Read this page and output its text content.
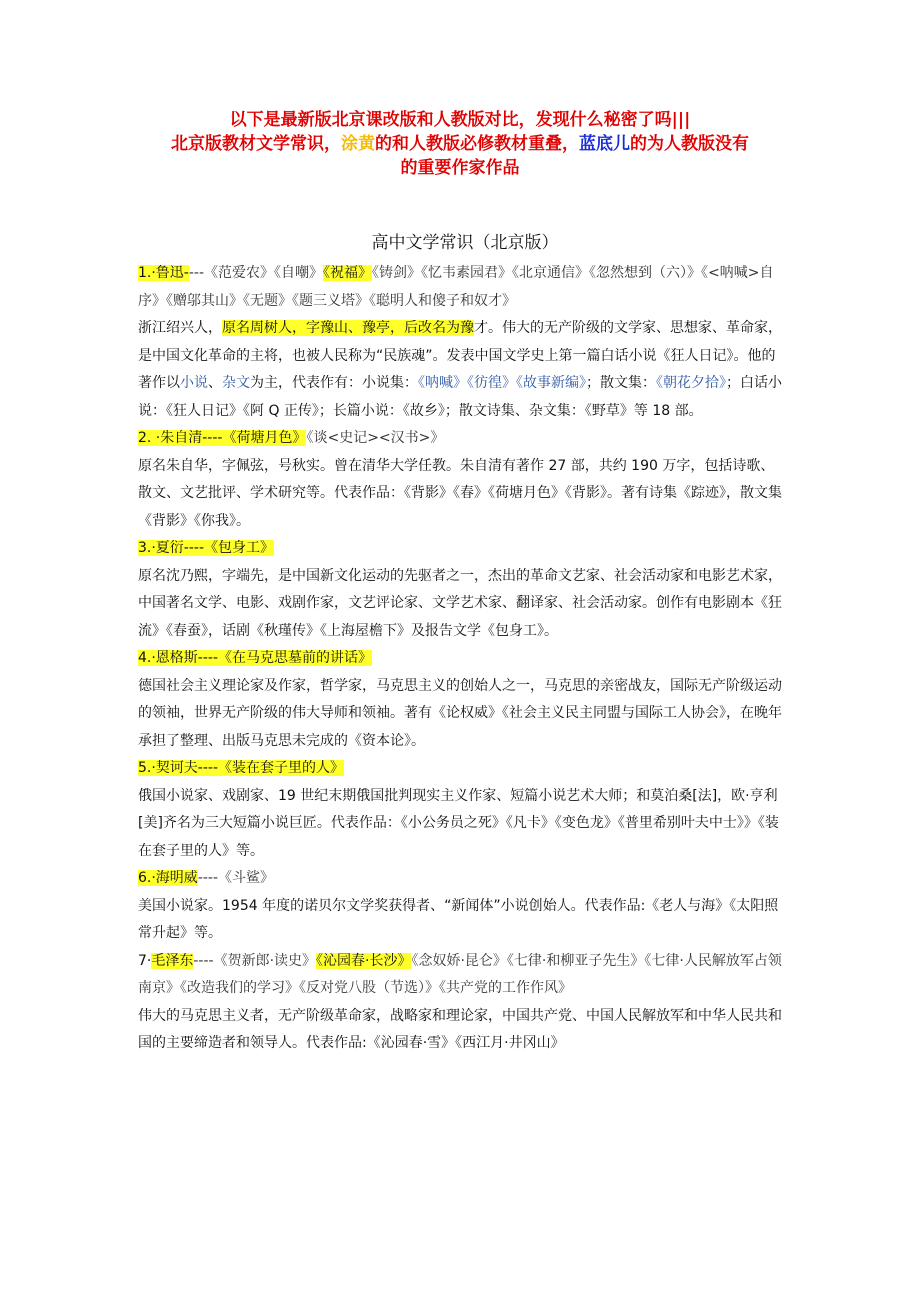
以下是最新版北京课改版和人教版对比，发现什么秘密了吗|||
北京版教材文学常识，涂黄的和人教版必修教材重叠，蓝底儿的为人教版没有
的重要作家作品
高中文学常识（北京版）

1.·鲁迅----《范爱农》《自嘲》《祝福》《铸剑》《忆韦素园君》《北京通信》《忽然想到（六）》《<呐喊>自序》《赠邬其山》《无题》《题三义塔》《聪明人和傻子和奴才》

浙江绍兴人，原名周树人，字豫山、豫亭，后改名为豫才。伟大的无产阶级的文学家、思想家、革命家，是中国文化革命的主将，也被人民称为“民族魂”。发表中国文学史上第一篇白话小说《狂人日记》。他的著作以小说、杂文为主，代表作有：小说集：《呐喊》《彷徨》《故事新编》；散文集：《朝花夕拾》；白话小说：《狂人日记》《阿 Q 正传》；长篇小说：《故乡》；散文诗集、杂文集：《野草》等 18 部。

2. ·朱自清----《荷塘月色》《谈<史记><汉书>》

原名朱自华，字佩弦，号秋实。曾在清华大学任教。朱自清有著作 27 部，共约 190 万字，包括诗歌、散文、文艺批评、学术研究等。代表作品：《背影》《春》《荷塘月色》《背影》。著有诗集《踪迹》，散文集《背影》《你我》。

3.·夏衍----《包身工》

原名沈乃熙，字端先，是中国新文化运动的先驱者之一，杰出的革命文艺家、社会活动家和电影艺术家，中国著名文学、电影、戏剧作家，文艺评论家、文学艺术家、翻译家、社会活动家。创作有电影剧本《狂流》《春蚕》，话剧《秋瑾传》《上海屋檐下》及报告文学《包身工》。

4.·恩格斯----《在马克思墓前的讲话》

德国社会主义理论家及作家，哲学家，马克思主义的创始人之一，马克思的亲密战友，国际无产阶级运动的领袖，世界无产阶级的伟大导师和领袖。著有《论权威》《社会主义民主同盟与国际工人协会》，在晚年承担了整理、出版马克思未完成的《资本论》。

5.·契诃夫----《装在套子里的人》

俄国小说家、戏剧家、19 世纪末期俄国批判现实主义作家、短篇小说艺术大师；和莫泊桑[法]，欧·亨利[美]齐名为三大短篇小说巨匠。代表作品：《小公务员之死》《凡卡》《变色龙》《普里希别叶夫中士》》《装在套子里的人》等。

6.·海明威----《斗鲨》

美国小说家。1954 年度的诺贝尔文学奖获得者、“新闻体”小说创始人。代表作品:《老人与海》《太阳照常升起》等。

7·毛泽东----《贺新郎·读史》《沁园春·长沙》《念奴娇·昆仑》《七律·和柳亚子先生》《七律·人民解放军占领南京》《改造我们的学习》《反对党八股（节选）》《共产党的工作作风》

伟大的马克思主义者，无产阶级革命家，战略家和理论家，中国共产党、中国人民解放军和中华人民共和国的主要缔造者和领导人。代表作品:《沁园春·雪》《西江月·井冈山》
